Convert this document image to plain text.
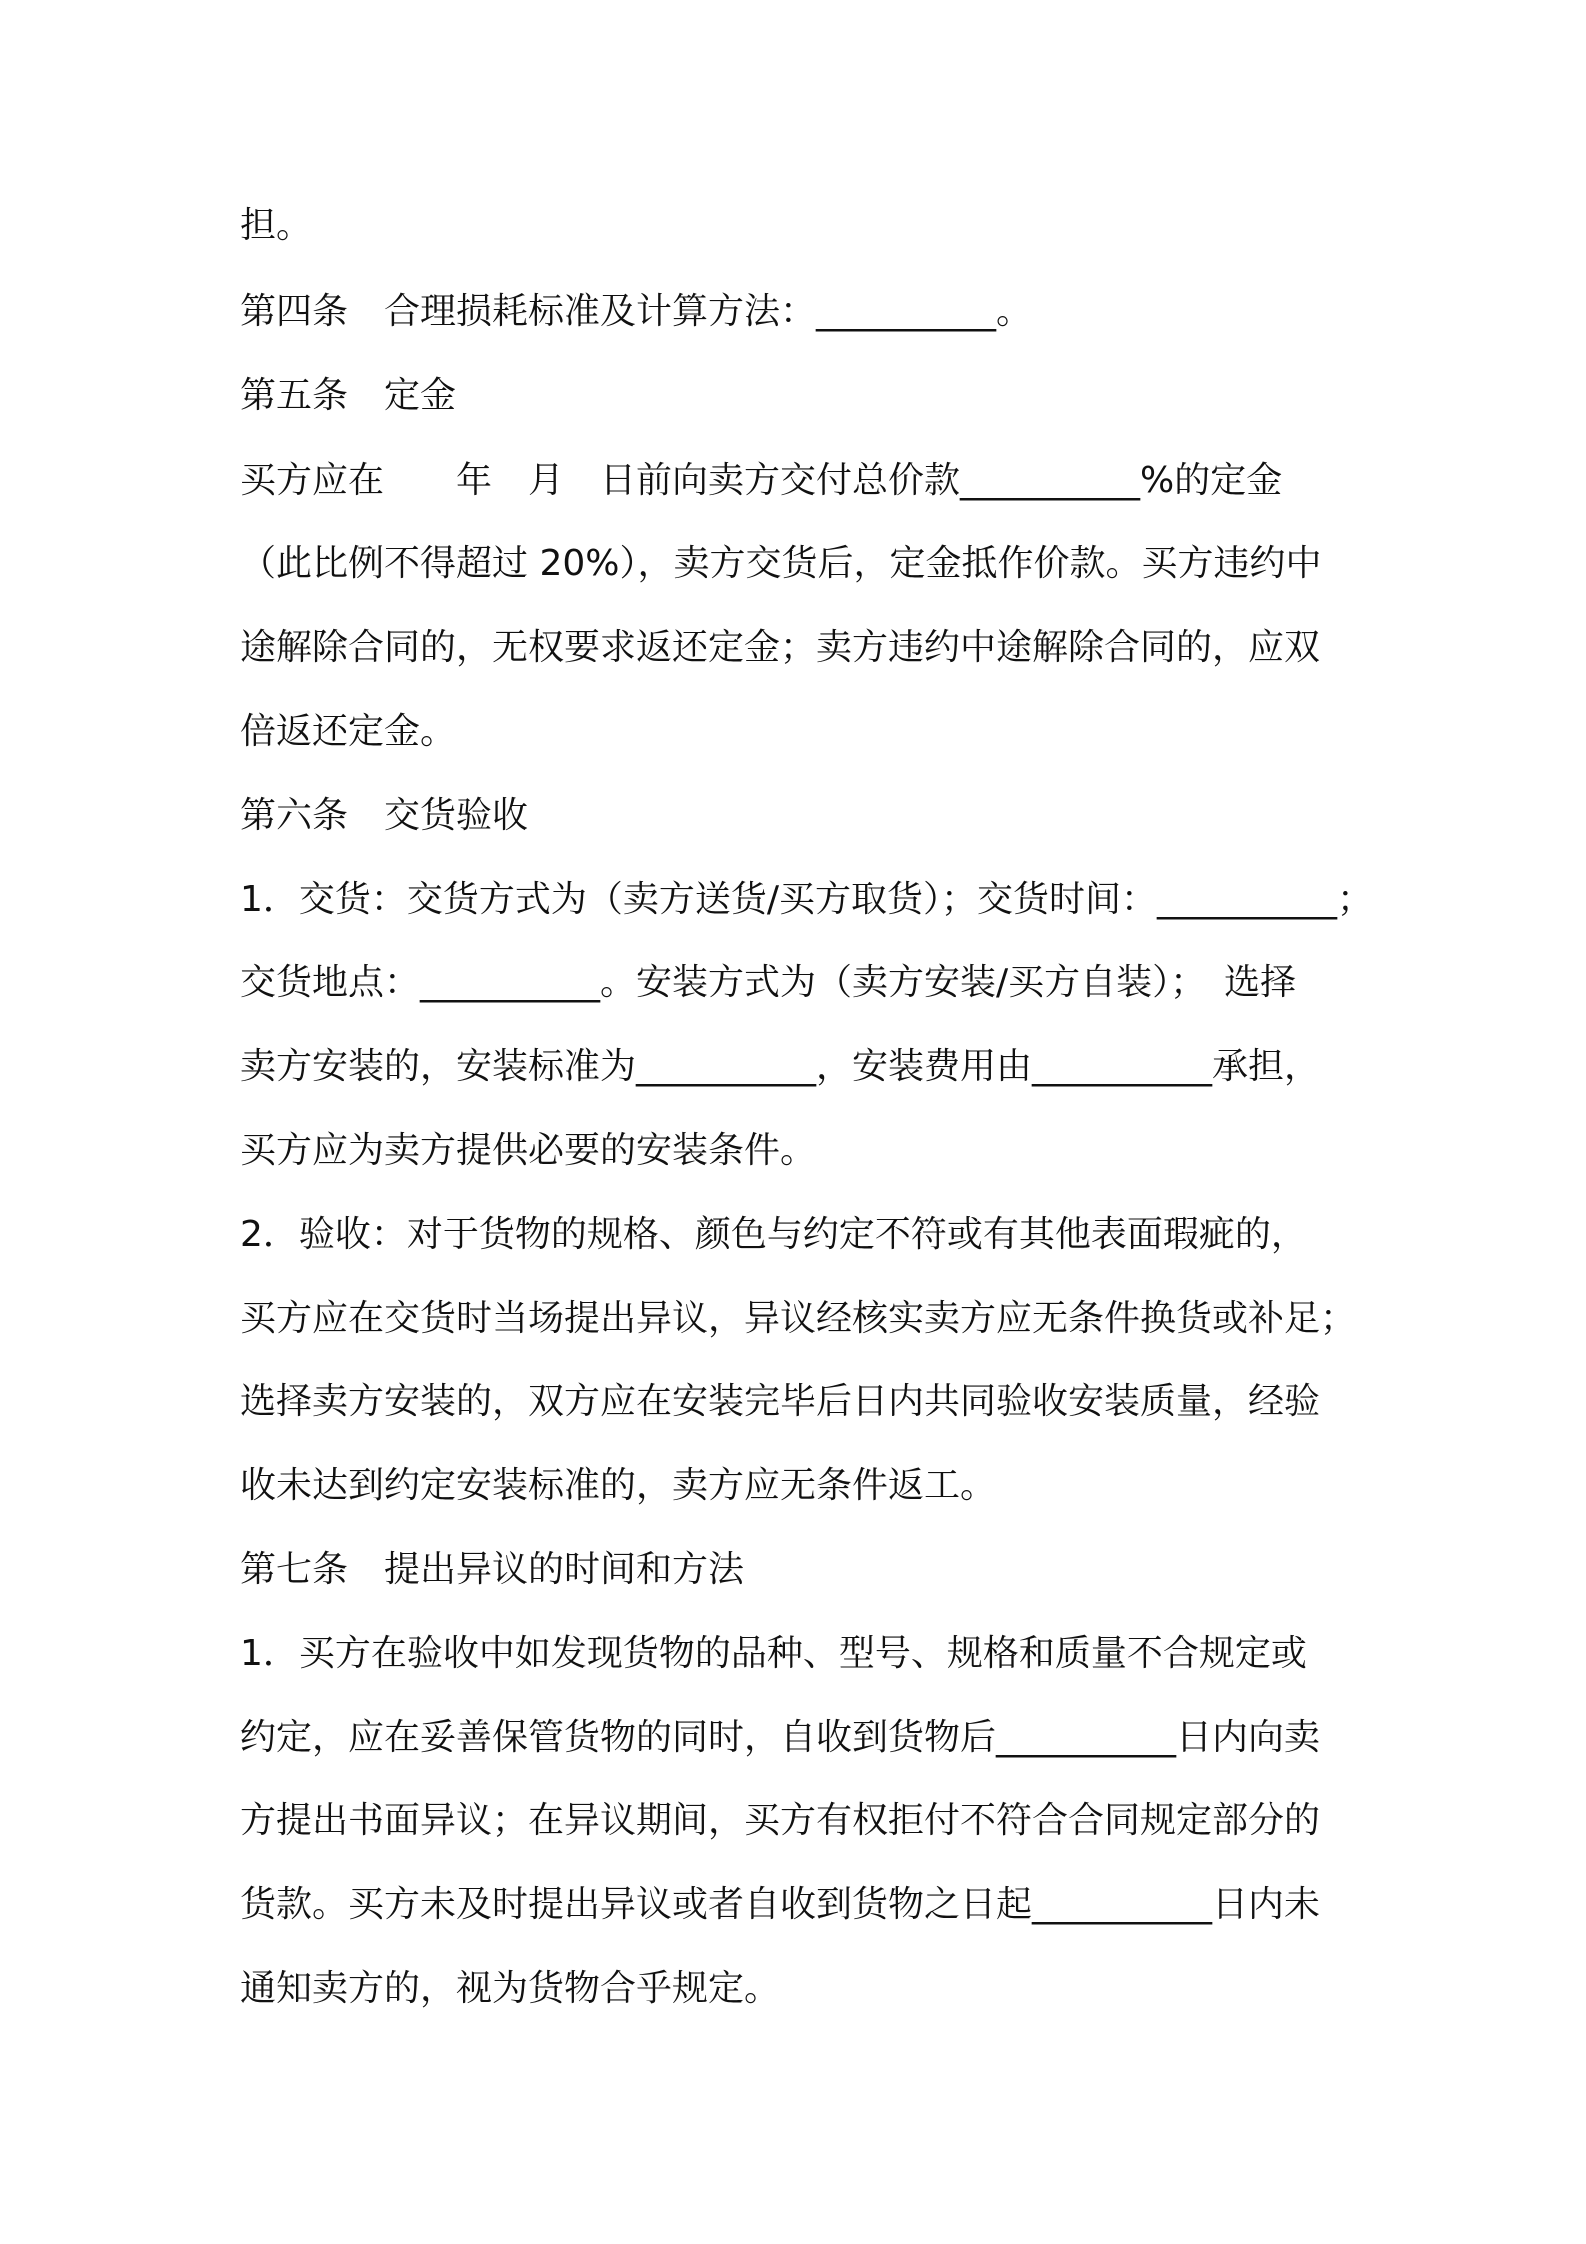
担。
第四条　合理损耗标准及计算方法：__________。
第五条　定金
买方应在　　年　月　日前向卖方交付总价款__________%的定金
（此比例不得超过 20%），卖方交货后，定金抵作价款。买方违约中
途解除合同的，无权要求返还定金；卖方违约中途解除合同的，应双
倍返还定金。
第六条　交货验收
1．交货：交货方式为（卖方送货/买方取货）；交货时间：__________；
交货地点：__________。安装方式为（卖方安装/买方自装）；　选择
卖方安装的，安装标准为__________，安装费用由__________承担，
买方应为卖方提供必要的安装条件。
2．验收：对于货物的规格、颜色与约定不符或有其他表面瑕疵的，
买方应在交货时当场提出异议，异议经核实卖方应无条件换货或补足；
选择卖方安装的，双方应在安装完毕后日内共同验收安装质量，经验
收未达到约定安装标准的，卖方应无条件返工。
第七条　提出异议的时间和方法
1．买方在验收中如发现货物的品种、型号、规格和质量不合规定或
约定，应在妥善保管货物的同时，自收到货物后__________日内向卖
方提出书面异议；在异议期间，买方有权拒付不符合合同规定部分的
货款。买方未及时提出异议或者自收到货物之日起__________日内未
通知卖方的，视为货物合乎规定。
